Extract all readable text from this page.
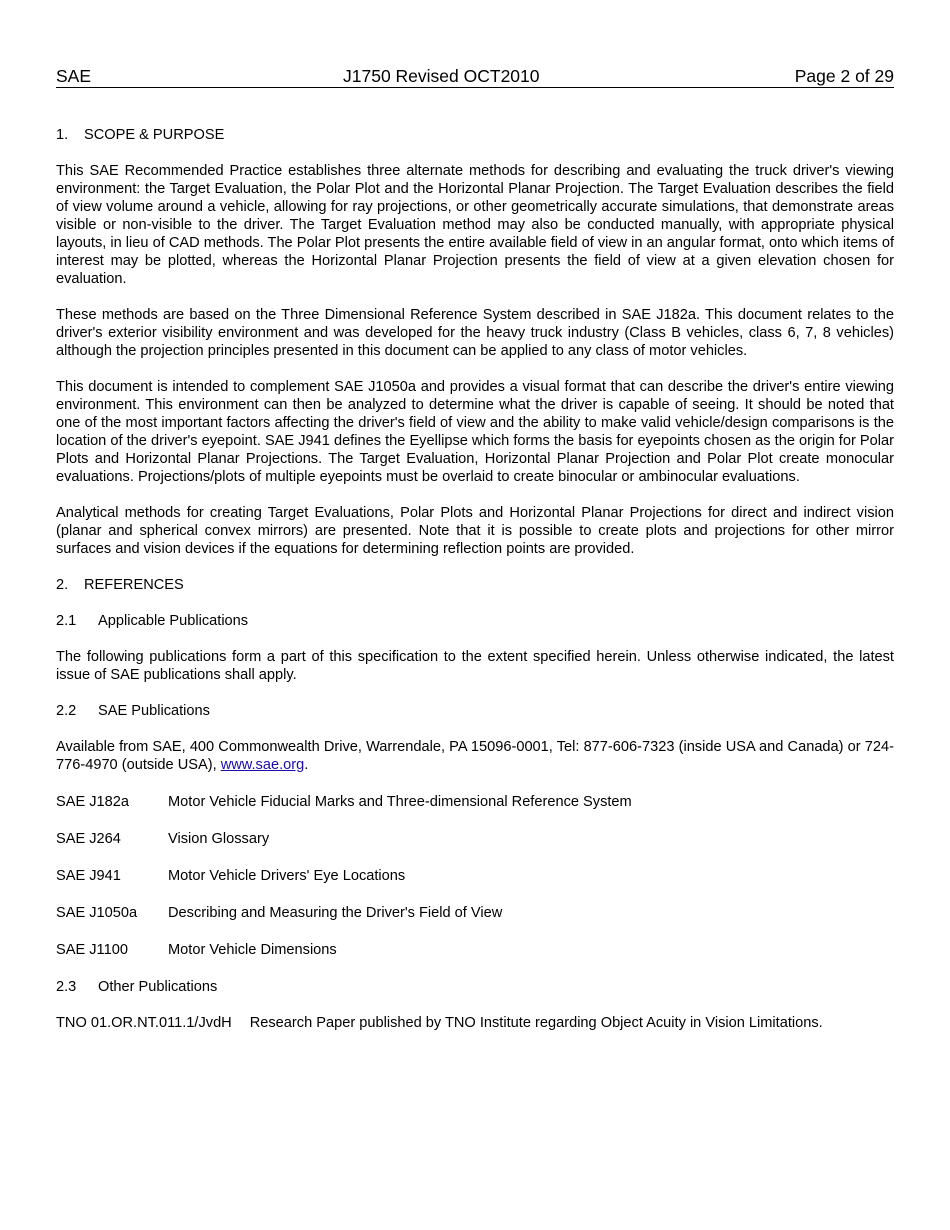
SAE	J1750 Revised OCT2010	Page 2 of 29
1. SCOPE & PURPOSE

This SAE Recommended Practice establishes three alternate methods for describing and evaluating the truck driver's viewing environment: the Target Evaluation, the Polar Plot and the Horizontal Planar Projection. The Target Evaluation describes the field of view volume around a vehicle, allowing for ray projections, or other geometrically accurate simulations, that demonstrate areas visible or non-visible to the driver. The Target Evaluation method may also be conducted manually, with appropriate physical layouts, in lieu of CAD methods. The Polar Plot presents the entire available field of view in an angular format, onto which items of interest may be plotted, whereas the Horizontal Planar Projection presents the field of view at a given elevation chosen for evaluation.

These methods are based on the Three Dimensional Reference System described in SAE J182a. This document relates to the driver's exterior visibility environment and was developed for the heavy truck industry (Class B vehicles, class 6, 7, 8 vehicles) although the projection principles presented in this document can be applied to any class of motor vehicles.

This document is intended to complement SAE J1050a and provides a visual format that can describe the driver's entire viewing environment. This environment can then be analyzed to determine what the driver is capable of seeing. It should be noted that one of the most important factors affecting the driver's field of view and the ability to make valid vehicle/design comparisons is the location of the driver's eyepoint. SAE J941 defines the Eyellipse which forms the basis for eyepoints chosen as the origin for Polar Plots and Horizontal Planar Projections. The Target Evaluation, Horizontal Planar Projection and Polar Plot create monocular evaluations. Projections/plots of multiple eyepoints must be overlaid to create binocular or ambinocular evaluations.

Analytical methods for creating Target Evaluations, Polar Plots and Horizontal Planar Projections for direct and indirect vision (planar and spherical convex mirrors) are presented. Note that it is possible to create plots and projections for other mirror surfaces and vision devices if the equations for determining reflection points are provided.

2. REFERENCES
2.1 Applicable Publications

The following publications form a part of this specification to the extent specified herein. Unless otherwise indicated, the latest issue of SAE publications shall apply.

2.2 SAE Publications

Available from SAE, 400 Commonwealth Drive, Warrendale, PA 15096-0001, Tel: 877-606-7323 (inside USA and Canada) or 724-776-4970 (outside USA), www.sae.org.

SAE J182a	Motor Vehicle Fiducial Marks and Three-dimensional Reference System
SAE J264	Vision Glossary
SAE J941	Motor Vehicle Drivers' Eye Locations
SAE J1050a Describing and Measuring the Driver's Field of View
SAE J1100	Motor Vehicle Dimensions
2.3 Other Publications
TNO 01.OR.NT.011.1/JvdH Research Paper published by TNO Institute regarding Object Acuity in Vision Limitations.
